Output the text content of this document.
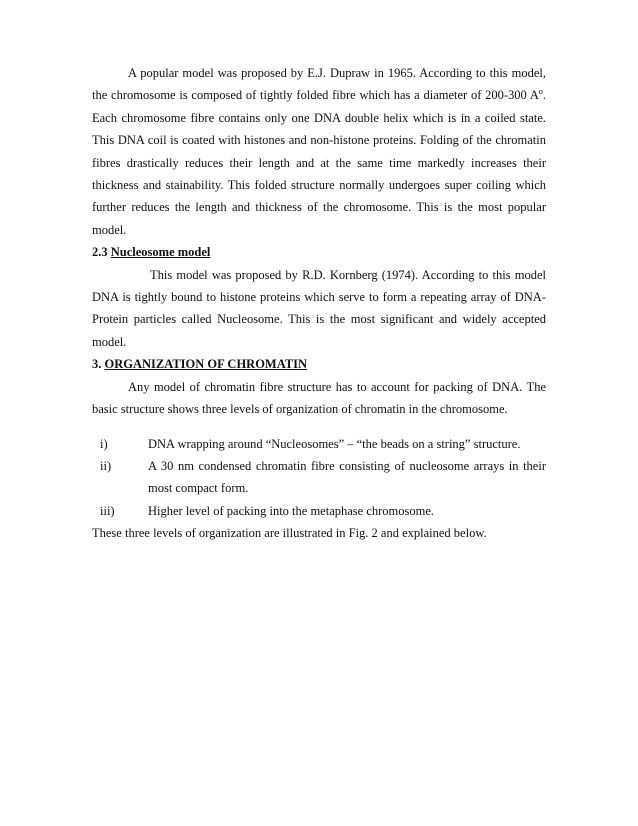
A popular model was proposed by E.J. Dupraw in 1965. According to this model, the chromosome is composed of tightly folded fibre which has a diameter of 200-300 $A^o$. Each chromosome fibre contains only one DNA double helix which is in a coiled state. This DNA coil is coated with histones and non-histone proteins. Folding of the chromatin fibres drastically reduces their length and at the same time markedly increases their thickness and stainability. This folded structure normally undergoes super coiling which further reduces the length and thickness of the chromosome. This is the most popular model.

2.3 Nucleosome model

This model was proposed by R.D. Kornberg (1974). According to this model DNA is tightly bound to histone proteins which serve to form a repeating array of DNA-Protein particles called Nucleosome. This is the most significant and widely accepted model.

3. ORGANIZATION OF CHROMATIN

Any model of chromatin fibre structure has to account for packing of DNA. The basic structure shows three levels of organization of chromatin in the chromosome.

i)	DNA wrapping around “Nucleosomes” – “the beads on a string” structure.
ii)	A 30 nm condensed chromatin fibre consisting of nucleosome arrays in their most compact form.
iii)	Higher level of packing into the metaphase chromosome.

These three levels of organization are illustrated in Fig. 2 and explained below.
